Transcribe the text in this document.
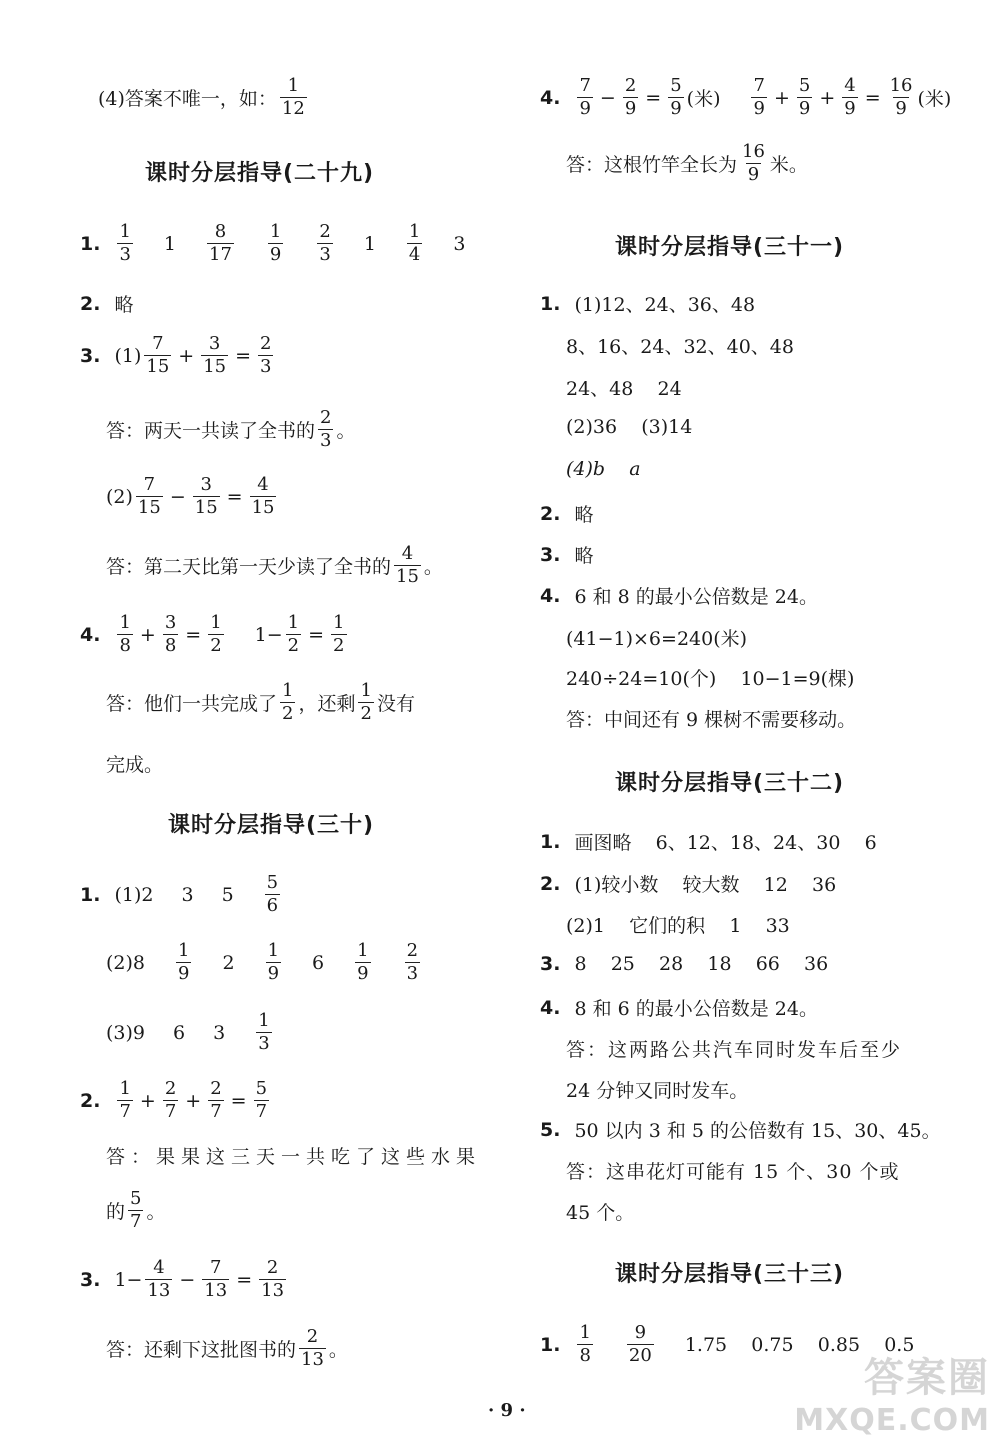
(4)答案不唯一，如： $\frac{1}{12}$
课时分层指导(二十九)
1. $\frac{1}{3} 1 \frac{8}{17} \frac{1}{9} \frac{2}{3} 1 \frac{1}{4} 3$
2. 略
3. $(1) \frac{7}{15} + \frac{3}{15} = \frac{2}{3}$
答：两天一共读了全书的 $\frac{2}{3}$ 。
$(2) \frac{7}{15} - \frac{3}{15} = \frac{4}{15}$
答：第二天比第一天少读了全书的 $\frac{4}{15}$ 。
4. $\frac{1}{8} + \frac{3}{8} = \frac{1}{2} 1- \frac{1}{2} = \frac{1}{2}$
答：他们一共完成了 $\frac{1}{2}$ ，还剩 $\frac{1}{2}$ 没有
完成。
课时分层指导(三十)
1. (1)2 3 $5 \frac{5}{6}$
$(2)8 \frac{1}{9} 2 \frac{1}{9} 6 \frac{1}{9} \frac{2}{3}$
(3)9 6 $3 \frac{1}{3}$
2. $\frac{1}{7} + \frac{2}{7} + \frac{2}{7} = \frac{5}{7}$
答：果果这三天一共吃了这些水果
的 $\frac{5}{7}$ 。
3. $1- \frac{4}{13} - \frac{7}{13} = \frac{2}{13}$
答：还剩下这批图书的 $\frac{2}{13}$ 。
4. $\frac{7}{9} - \frac{2}{9} = \frac{5}{9}$ (米) $\frac{7}{9} + \frac{5}{9} + \frac{4}{9} = \frac{16}{9}$ (米)
答：这根竹竿全长为 $\frac{16}{9}$ 米。
课时分层指导(三十一)
1. (1)12、24、36、48
8、16、24、32、40、48
24、48    24
(2)36    (3)14
(4)b    a
2. 略
3. 略
4. 6 和 8 的最小公倍数是 24。
(41−1)×6=240(米)
240÷24=10(个)    10−1=9(棵)
答：中间还有 9 棵树不需要移动。
课时分层指导(三十二)
1. 画图略    6、12、18、24、30    6
2. (1)较小数    较大数    12    36
(2)1    它们的积    1    33
3. 8    25    28    18    66    36
4. 8 和 6 的最小公倍数是 24。
答：这两路公共汽车同时发车后至少
24 分钟又同时发车。
5. 50 以内 3 和 5 的公倍数有 15、30、45。
答：这串花灯可能有 15 个、30 个或
45 个。
课时分层指导(三十三)
1. $\frac{1}{8} \frac{9}{20} 1.75$    0.75    0.85    0.5
· 9 ·
答案圈
MXQE.COM
